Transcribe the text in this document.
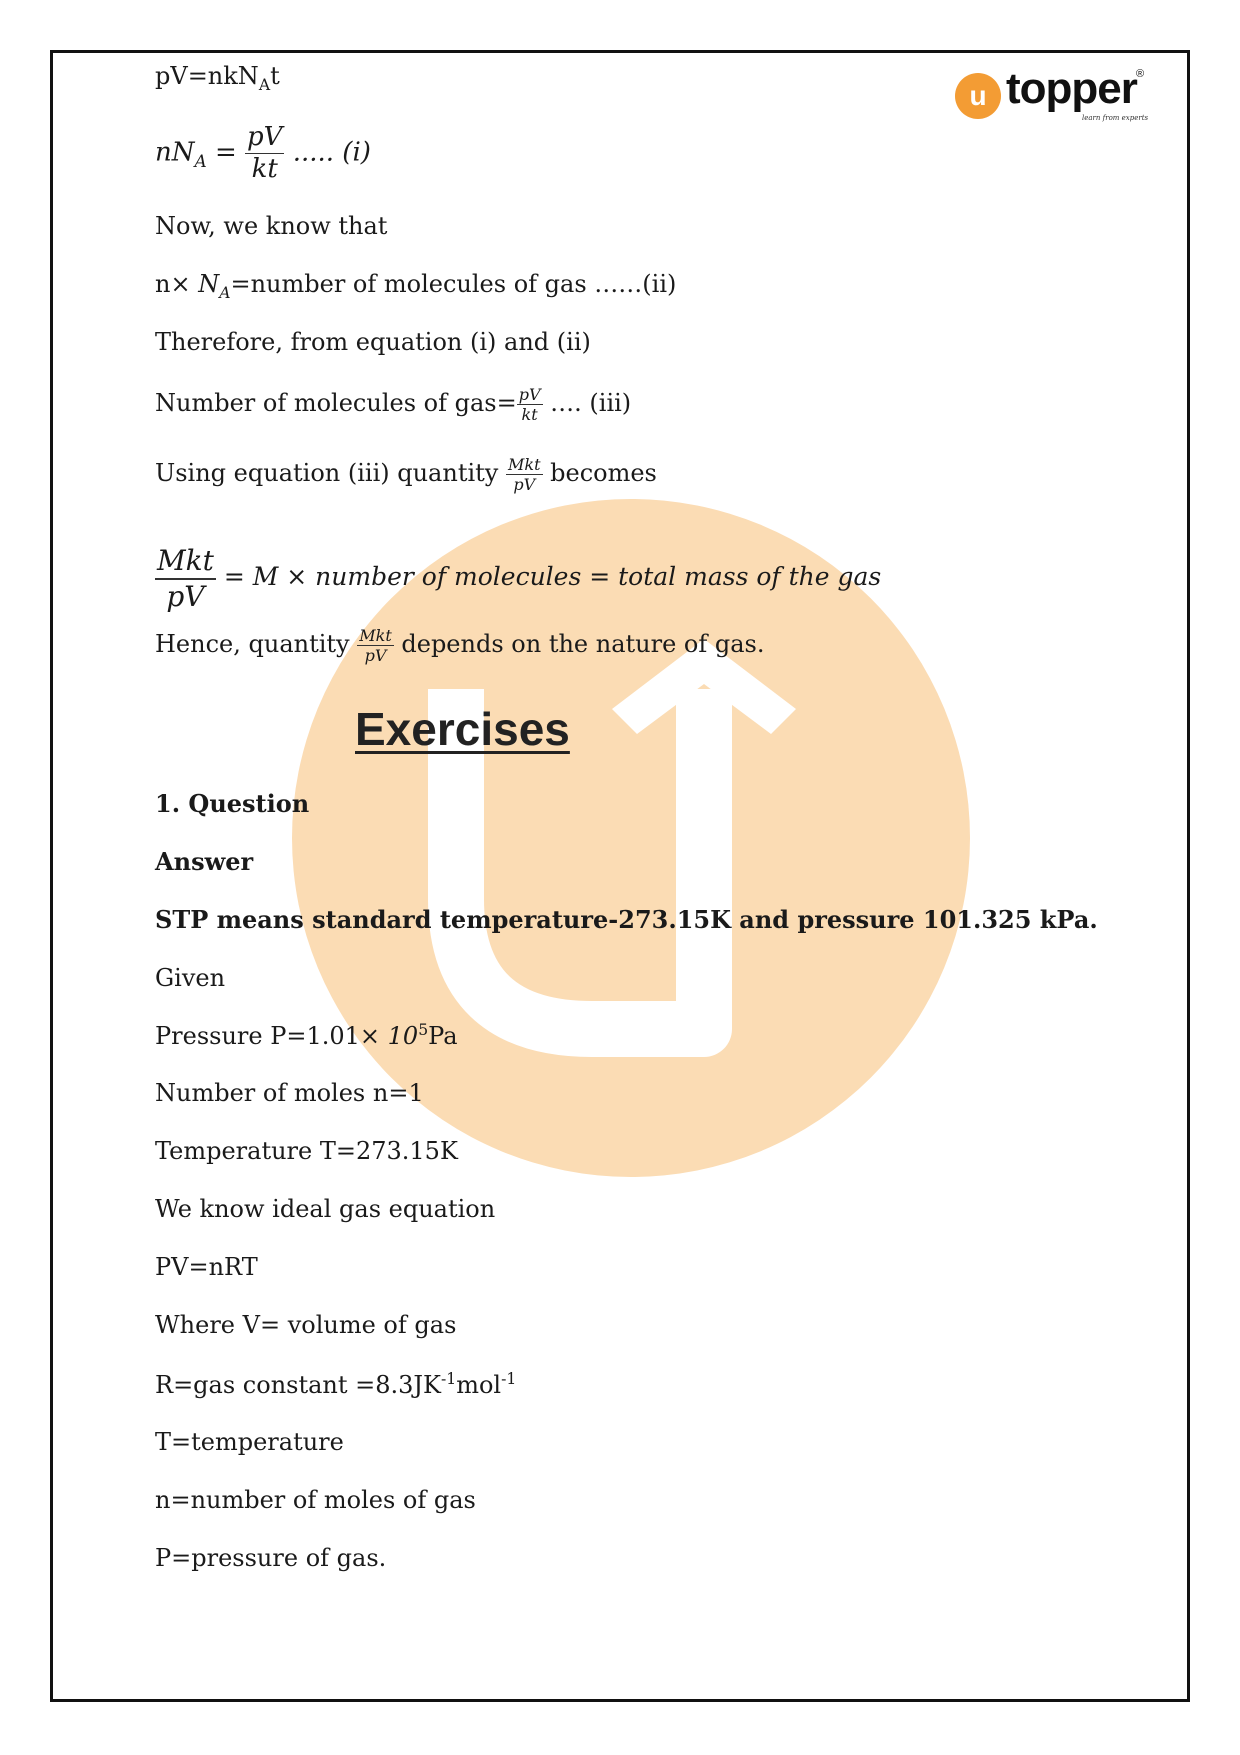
u topper ®
learn from experts
pV=nkN$_A$t
$nN_A = \frac{pV}{kt}$ ..... (i)
Now, we know that
$n\times N_A=number$ of molecules of gas ……(ii)
Therefore, from equation (i) and (ii)
Number of molecules of $gas= \frac{pV}{kt}$ …. (iii)
Using equation (iii) quantity $\frac{\text{Mkt}}{pV}$ becomes
$\frac{\text{Mkt}}{pV} = M$ × number of molecules = total mass of the gas
Hence, quantity $\frac{\text{Mkt}}{pV}$ depends on the nature of gas.
1. Question
Answer
STP means standard temperature-273.15K and pressure 101.325 kPa.
Given
Pressure $P=1.01\times 10^5Pa$
Number of moles n=1
Temperature T=273.15K
We know ideal gas equation
PV=nRT
Where V= volume of gas
R=gas constant $=8.3JK^{-1}mol^{-1}$
T=temperature
n=number of moles of gas
P=pressure of gas.
Exercises
